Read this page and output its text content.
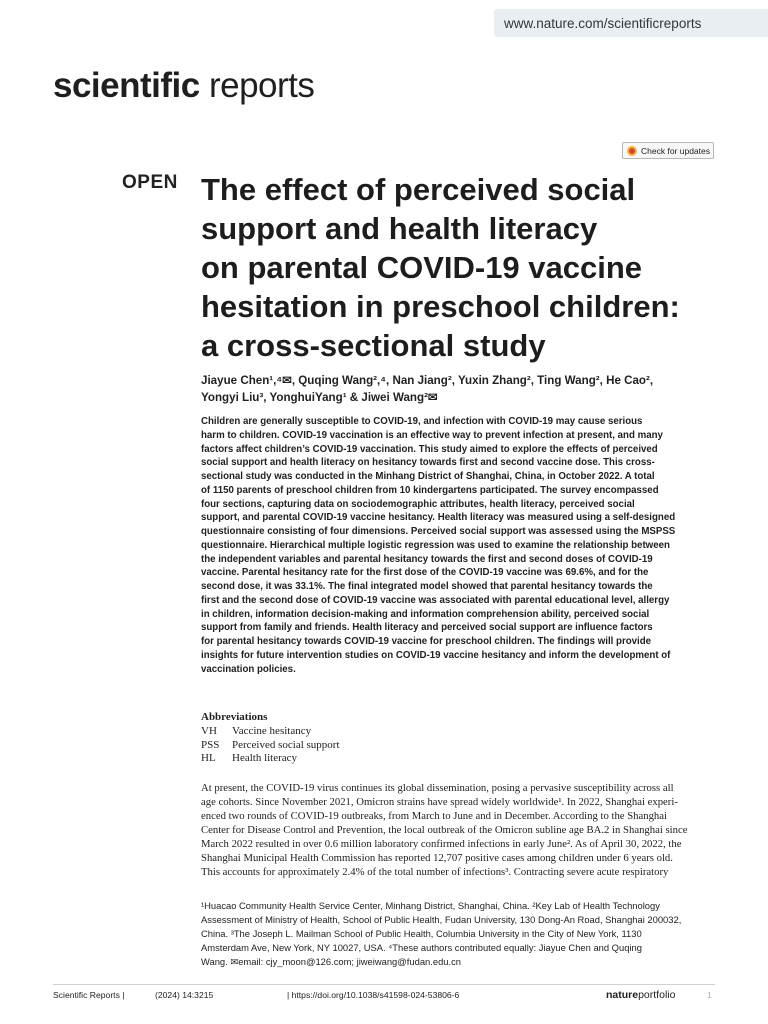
www.nature.com/scientificreports
scientific reports
Check for updates
OPEN The effect of perceived social
support and health literacy
on parental COVID-19 vaccine
hesitation in preschool children:
a cross-sectional study
Jiayue Chen¹,⁴✉, Quqing Wang²,⁴, Nan Jiang², Yuxin Zhang², Ting Wang², He Cao²,
Yongyi Liu³, YonghuiYang¹ & Jiwei Wang²✉
Children are generally susceptible to COVID-19, and infection with COVID-19 may cause serious
harm to children. COVID-19 vaccination is an effective way to prevent infection at present, and many
factors affect children’s COVID-19 vaccination. This study aimed to explore the effects of perceived
social support and health literacy on hesitancy towards first and second vaccine dose. This cross-
sectional study was conducted in the Minhang District of Shanghai, China, in October 2022. A total
of 1150 parents of preschool children from 10 kindergartens participated. The survey encompassed
four sections, capturing data on sociodemographic attributes, health literacy, perceived social
support, and parental COVID-19 vaccine hesitancy. Health literacy was measured using a self-designed
questionnaire consisting of four dimensions. Perceived social support was assessed using the MSPSS
questionnaire. Hierarchical multiple logistic regression was used to examine the relationship between
the independent variables and parental hesitancy towards the first and second doses of COVID-19
vaccine. Parental hesitancy rate for the first dose of the COVID-19 vaccine was 69.6%, and for the
second dose, it was 33.1%. The final integrated model showed that parental hesitancy towards the
first and the second dose of COVID-19 vaccine was associated with parental educational level, allergy
in children, information decision-making and information comprehension ability, perceived social
support from family and friends. Health literacy and perceived social support are influence factors
for parental hesitancy towards COVID-19 vaccine for preschool children. The findings will provide
insights for future intervention studies on COVID-19 vaccine hesitancy and inform the development of
vaccination policies.
Abbreviations
VH	Vaccine hesitancy
PSS	Perceived social support
HL	Health literacy
At present, the COVID-19 virus continues its global dissemination, posing a pervasive susceptibility across all
age cohorts. Since November 2021, Omicron strains have spread widely worldwide¹. In 2022, Shanghai experi-
enced two rounds of COVID-19 outbreaks, from March to June and in December. According to the Shanghai
Center for Disease Control and Prevention, the local outbreak of the Omicron subline age BA.2 in Shanghai since
March 2022 resulted in over 0.6 million laboratory confirmed infections in early June². As of April 30, 2022, the
Shanghai Municipal Health Commission has reported 12,707 positive cases among children under 6 years old.
This accounts for approximately 2.4% of the total number of infections³. Contracting severe acute respiratory
¹Huacao Community Health Service Center, Minhang District, Shanghai, China. ²Key Lab of Health Technology
Assessment of Ministry of Health, School of Public Health, Fudan University, 130 Dong-An Road, Shanghai 200032,
China. ³The Joseph L. Mailman School of Public Health, Columbia University in the City of New York, 1130
Amsterdam Ave, New York, NY 10027, USA. ⁴These authors contributed equally: Jiayue Chen and Quqing
Wang. ✉email: cjy_moon@126.com; jiweiwang@fudan.edu.cn
Scientific Reports |	(2024) 14:3215	| https://doi.org/10.1038/s41598-024-53806-6	natureportfolio	1
